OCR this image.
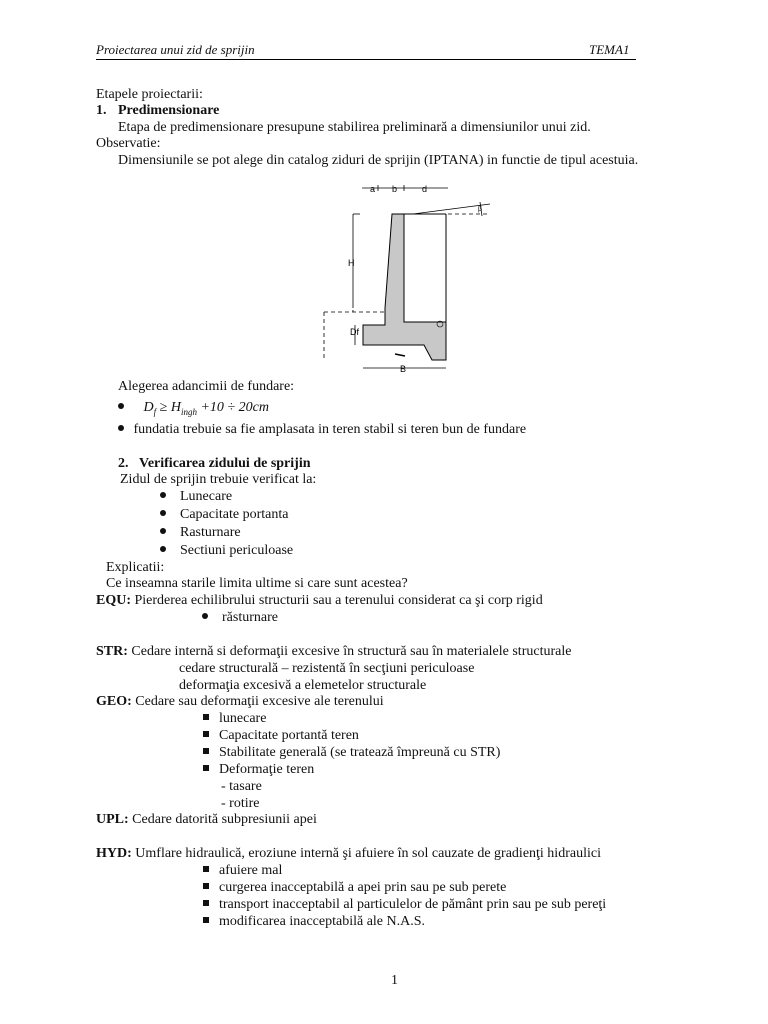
Proiectarea unui zid de sprijin	TEMA1
Etapele proiectarii:
1. Predimensionare
Etapa de predimensionare presupune stabilirea preliminară a dimensiunilor unui zid.
Observatie:
Dimensiunile se pot alege din catalog ziduri de sprijin (IPTANA) in functie de tipul acestuia.
a b	d
H
Df
β
B
Alegerea adancimii de fundare:
$D_f \ge H_{ingh} +10 \div 20cm$
fundatia trebuie sa fie amplasata in teren stabil si teren bun de fundare
2. Verificarea zidului de sprijin
Zidul de sprijin trebuie verificat la:
Lunecare
Capacitate portanta
Rasturnare
Sectiuni periculoase
Explicatii:
Ce inseamna starile limita ultime si care sunt acestea?
EQU: Pierderea echilibrului structurii sau a terenului considerat ca şi corp rigid
răsturnare
STR: Cedare internă si deformaţii excesive în structură sau în materialele structurale
cedare structurală – rezistentă în secţiuni periculoase
deformaţia excesivă a elemetelor structurale
GEO: Cedare sau deformaţii excesive ale terenului
lunecare
Capacitate portantă teren
Stabilitate generală (se tratează împreună cu STR)
Deformaţie teren
- tasare
- rotire
UPL: Cedare datorită subpresiunii apei
HYD: Umflare hidraulică, eroziune internă şi afuiere în sol cauzate de gradienţi hidraulici
afuiere mal
curgerea inacceptabilă a apei prin sau pe sub perete
transport inacceptabil al particulelor de pământ prin sau pe sub pereţi
modificarea inacceptabilă ale N.A.S.
1
